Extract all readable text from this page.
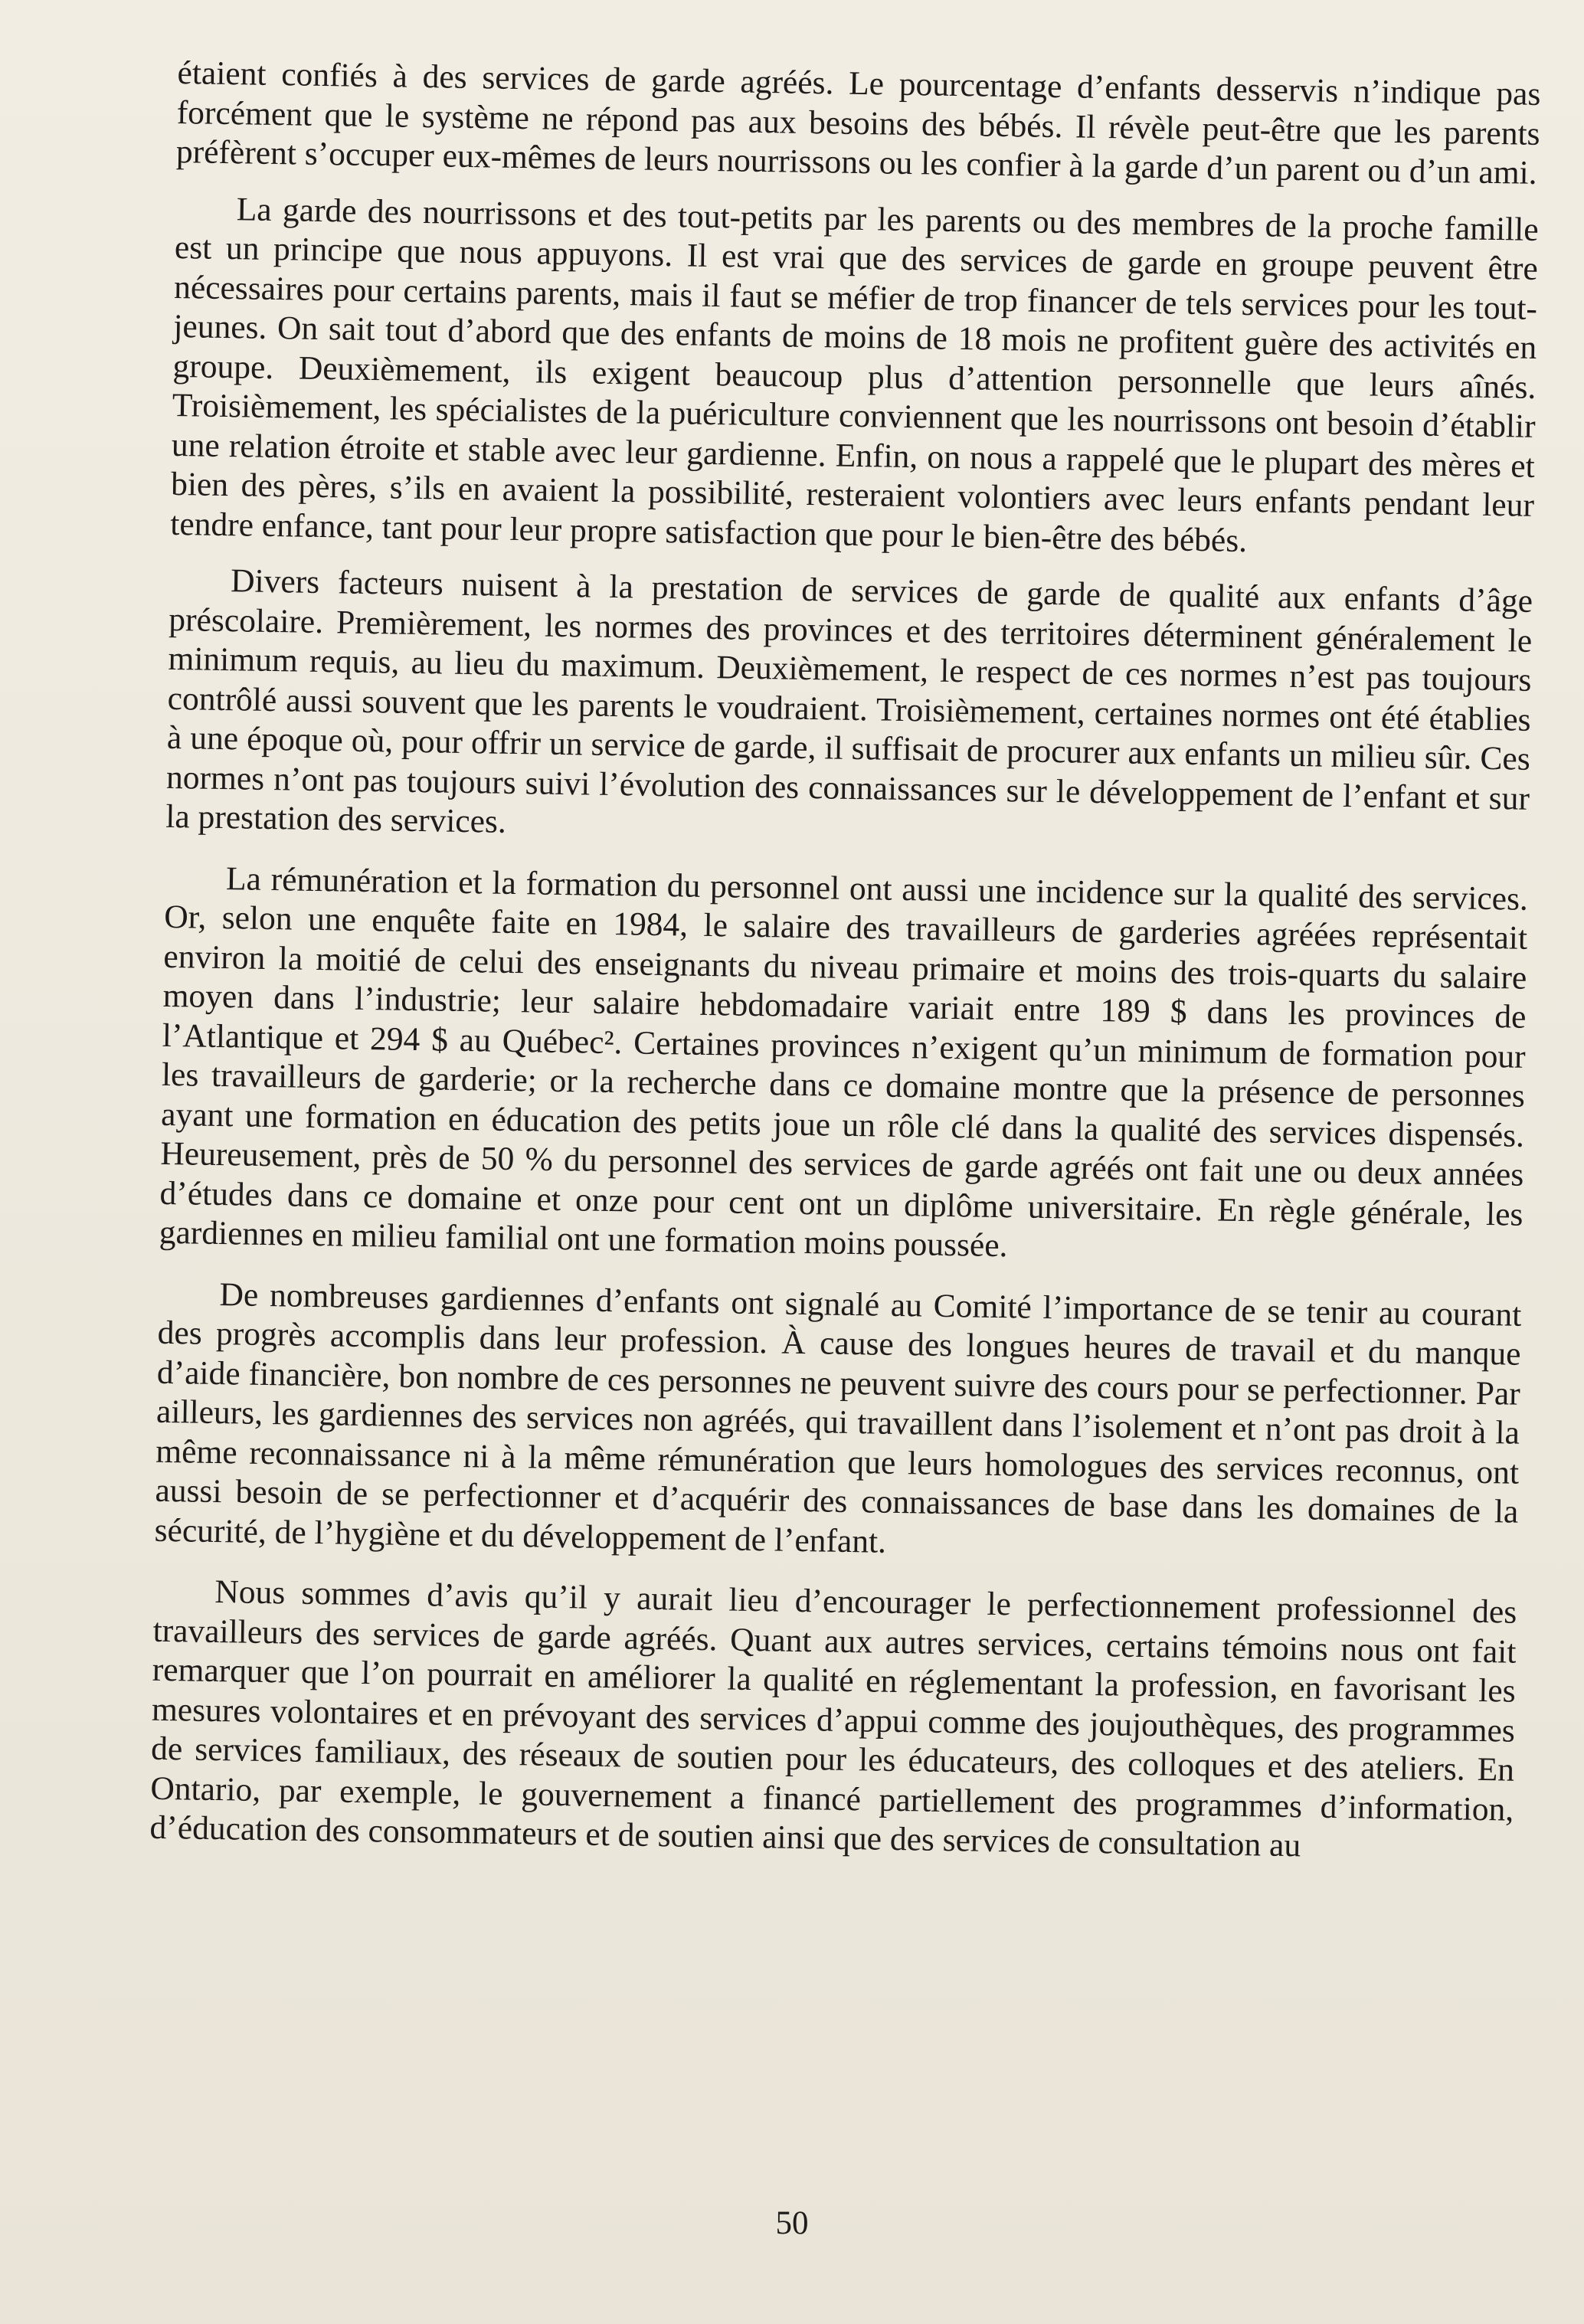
étaient confiés à des services de garde agréés. Le pourcentage d’enfants desservis n’indique pas forcément que le système ne répond pas aux besoins des bébés. Il révèle peut-être que les parents préfèrent s’occuper eux-mêmes de leurs nourrissons ou les confier à la garde d’un parent ou d’un ami.

La garde des nourrissons et des tout-petits par les parents ou des membres de la proche famille est un principe que nous appuyons. Il est vrai que des services de garde en groupe peuvent être nécessaires pour certains parents, mais il faut se méfier de trop financer de tels services pour les tout-jeunes. On sait tout d’abord que des enfants de moins de 18 mois ne profitent guère des activités en groupe. Deuxièmement, ils exigent beaucoup plus d’attention personnelle que leurs aînés. Troisièmement, les spécialistes de la puériculture conviennent que les nourrissons ont besoin d’établir une relation étroite et stable avec leur gardienne. Enfin, on nous a rappelé que le plupart des mères et bien des pères, s’ils en avaient la possibilité, resteraient volontiers avec leurs enfants pendant leur tendre enfance, tant pour leur propre satisfaction que pour le bien-être des bébés.

Divers facteurs nuisent à la prestation de services de garde de qualité aux enfants d’âge préscolaire. Premièrement, les normes des provinces et des territoires déterminent généralement le minimum requis, au lieu du maximum. Deuxièmement, le respect de ces normes n’est pas toujours contrôlé aussi souvent que les parents le voudraient. Troisièmement, certaines normes ont été établies à une époque où, pour offrir un service de garde, il suffisait de procurer aux enfants un milieu sûr. Ces normes n’ont pas toujours suivi l’évolution des connaissances sur le développement de l’enfant et sur la prestation des services.

La rémunération et la formation du personnel ont aussi une incidence sur la qualité des services. Or, selon une enquête faite en 1984, le salaire des travailleurs de garderies agréées représentait environ la moitié de celui des enseignants du niveau primaire et moins des trois-quarts du salaire moyen dans l’industrie; leur salaire hebdomadaire variait entre 189 $ dans les provinces de l’Atlantique et 294 $ au Québec². Certaines provinces n’exigent qu’un minimum de formation pour les travailleurs de garderie; or la recherche dans ce domaine montre que la présence de personnes ayant une formation en éducation des petits joue un rôle clé dans la qualité des services dispensés. Heureusement, près de 50 % du personnel des services de garde agréés ont fait une ou deux années d’études dans ce domaine et onze pour cent ont un diplôme universitaire. En règle générale, les gardiennes en milieu familial ont une formation moins poussée.

De nombreuses gardiennes d’enfants ont signalé au Comité l’importance de se tenir au courant des progrès accomplis dans leur profession. À cause des longues heures de travail et du manque d’aide financière, bon nombre de ces personnes ne peuvent suivre des cours pour se perfectionner. Par ailleurs, les gardiennes des services non agréés, qui travaillent dans l’isolement et n’ont pas droit à la même reconnaissance ni à la même rémunération que leurs homologues des services reconnus, ont aussi besoin de se perfectionner et d’acquérir des connaissances de base dans les domaines de la sécurité, de l’hygiène et du développement de l’enfant.

Nous sommes d’avis qu’il y aurait lieu d’encourager le perfectionnement professionnel des travailleurs des services de garde agréés. Quant aux autres services, certains témoins nous ont fait remarquer que l’on pourrait en améliorer la qualité en réglementant la profession, en favorisant les mesures volontaires et en prévoyant des services d’appui comme des joujouthèques, des programmes de services familiaux, des réseaux de soutien pour les éducateurs, des colloques et des ateliers. En Ontario, par exemple, le gouvernement a financé partiellement des programmes d’information, d’éducation des consommateurs et de soutien ainsi que des services de consultation au

50
